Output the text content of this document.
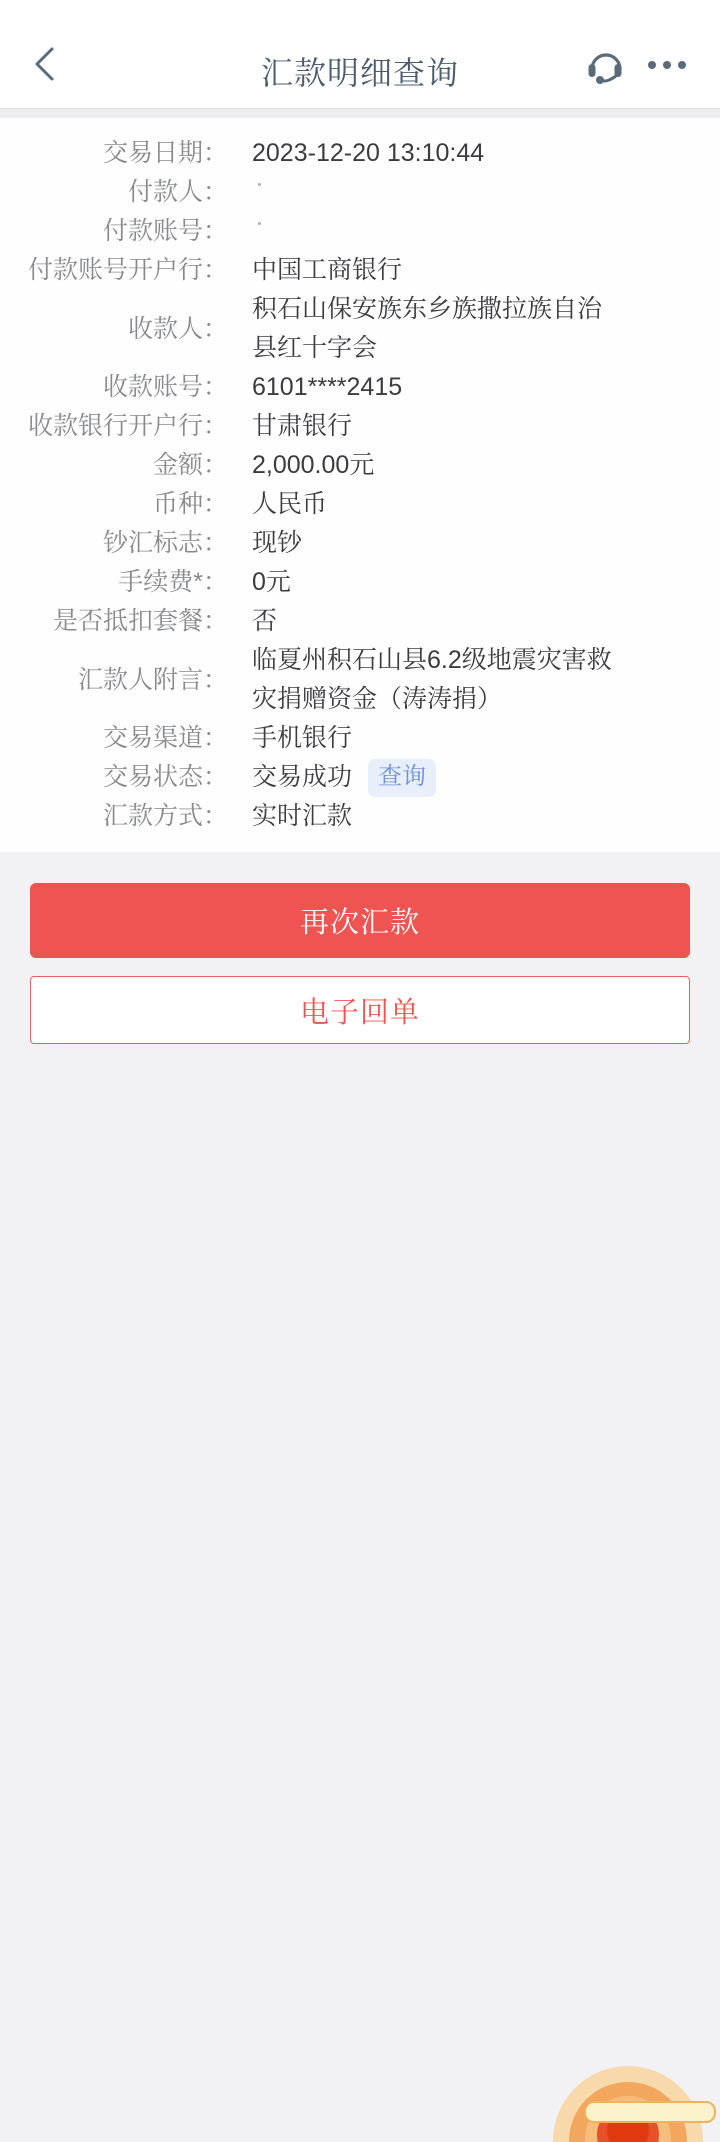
汇款明细查询
交易日期： 2023-12-20 13:10:44
付款人：
付款账号：
付款账号开户行： 中国工商银行
收款人：
积石山保安族东乡族撒拉族自治县红十字会
收款账号： 6101****2415
收款银行开户行： 甘肃银行
金额： 2,000.00元
币种： 人民币
钞汇标志： 现钞
手续费*： 0元
是否抵扣套餐： 否
汇款人附言：
临夏州积石山县6.2级地震灾害救灾捐赠资金（涛涛捐）
交易渠道： 手机银行
交易状态： 交易成功	查询
汇款方式： 实时汇款
再次汇款
电子回单
